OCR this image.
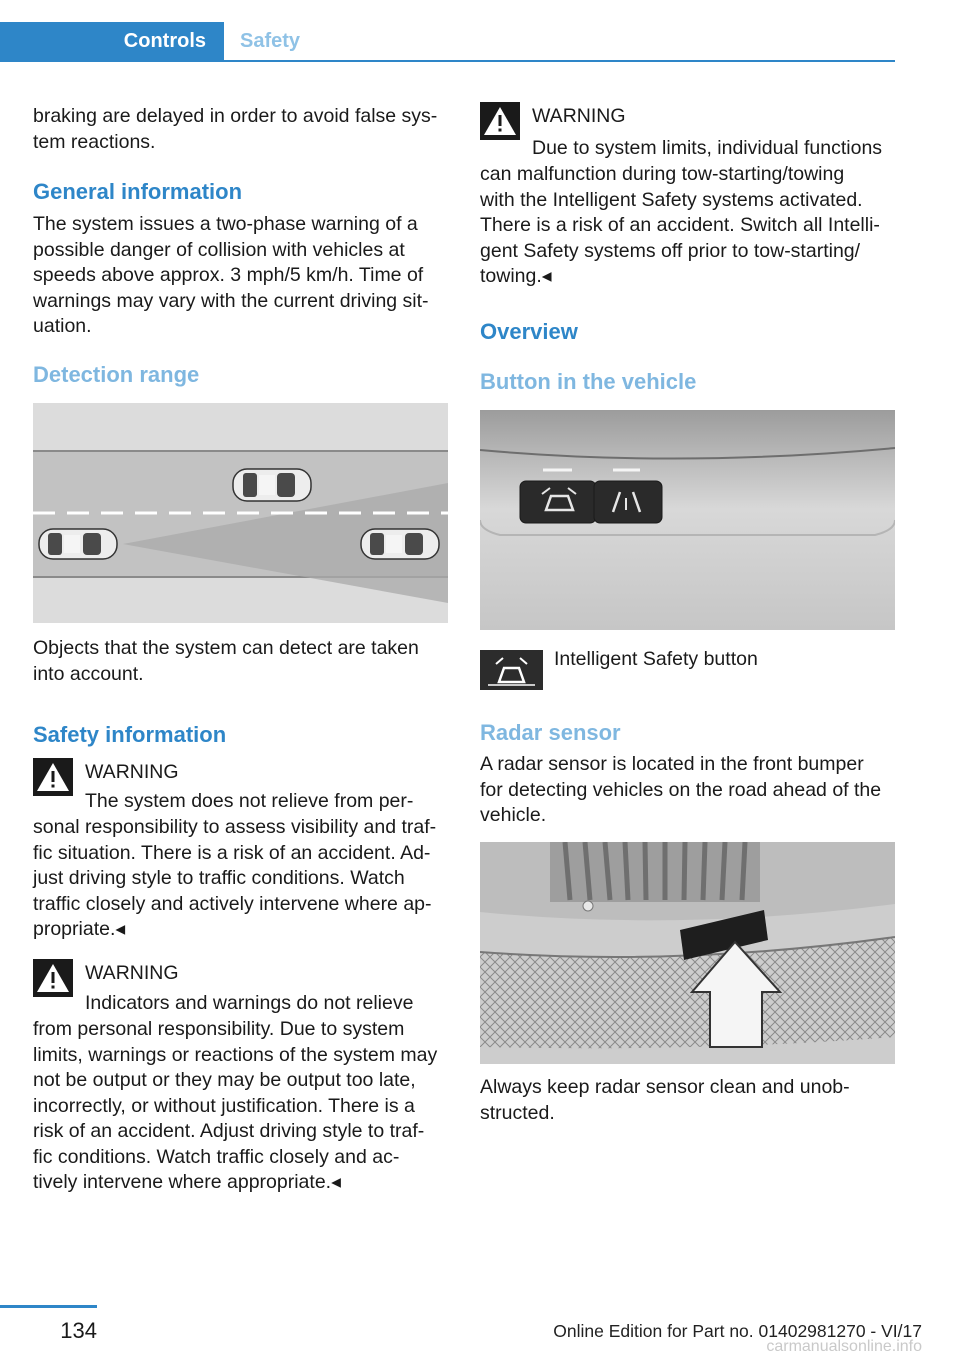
Controls	Safety

braking are delayed in order to avoid false sys-
tem reactions.

General information

The system issues a two-phase warning of a
possible danger of collision with vehicles at
speeds above approx. 3 mph/5 km/h. Time of
warnings may vary with the current driving sit-
uation.

Detection range

Objects that the system can detect are taken
into account.

Safety information

WARNING

The system does not relieve from per-

sonal responsibility to assess visibility and traf-
fic situation. There is a risk of an accident. Ad-
just driving style to traffic conditions. Watch
traffic closely and actively intervene where ap-
propriate.◂

WARNING

Indicators and warnings do not relieve

from personal responsibility. Due to system
limits, warnings or reactions of the system may
not be output or they may be output too late,
incorrectly, or without justification. There is a
risk of an accident. Adjust driving style to traf-
fic conditions. Watch traffic closely and ac-
tively intervene where appropriate.◂

WARNING

Due to system limits, individual functions

can malfunction during tow-starting/towing
with the Intelligent Safety systems activated.
There is a risk of an accident. Switch all Intelli-
gent Safety systems off prior to tow-starting/
towing.◂

Overview
Button in the vehicle

Intelligent Safety button

Radar sensor

A radar sensor is located in the front bumper
for detecting vehicles on the road ahead of the
vehicle.

Always keep radar sensor clean and unob-
structed.

134	Online Edition for Part no. 01402981270 - VI/17
carmanualsonline.info
